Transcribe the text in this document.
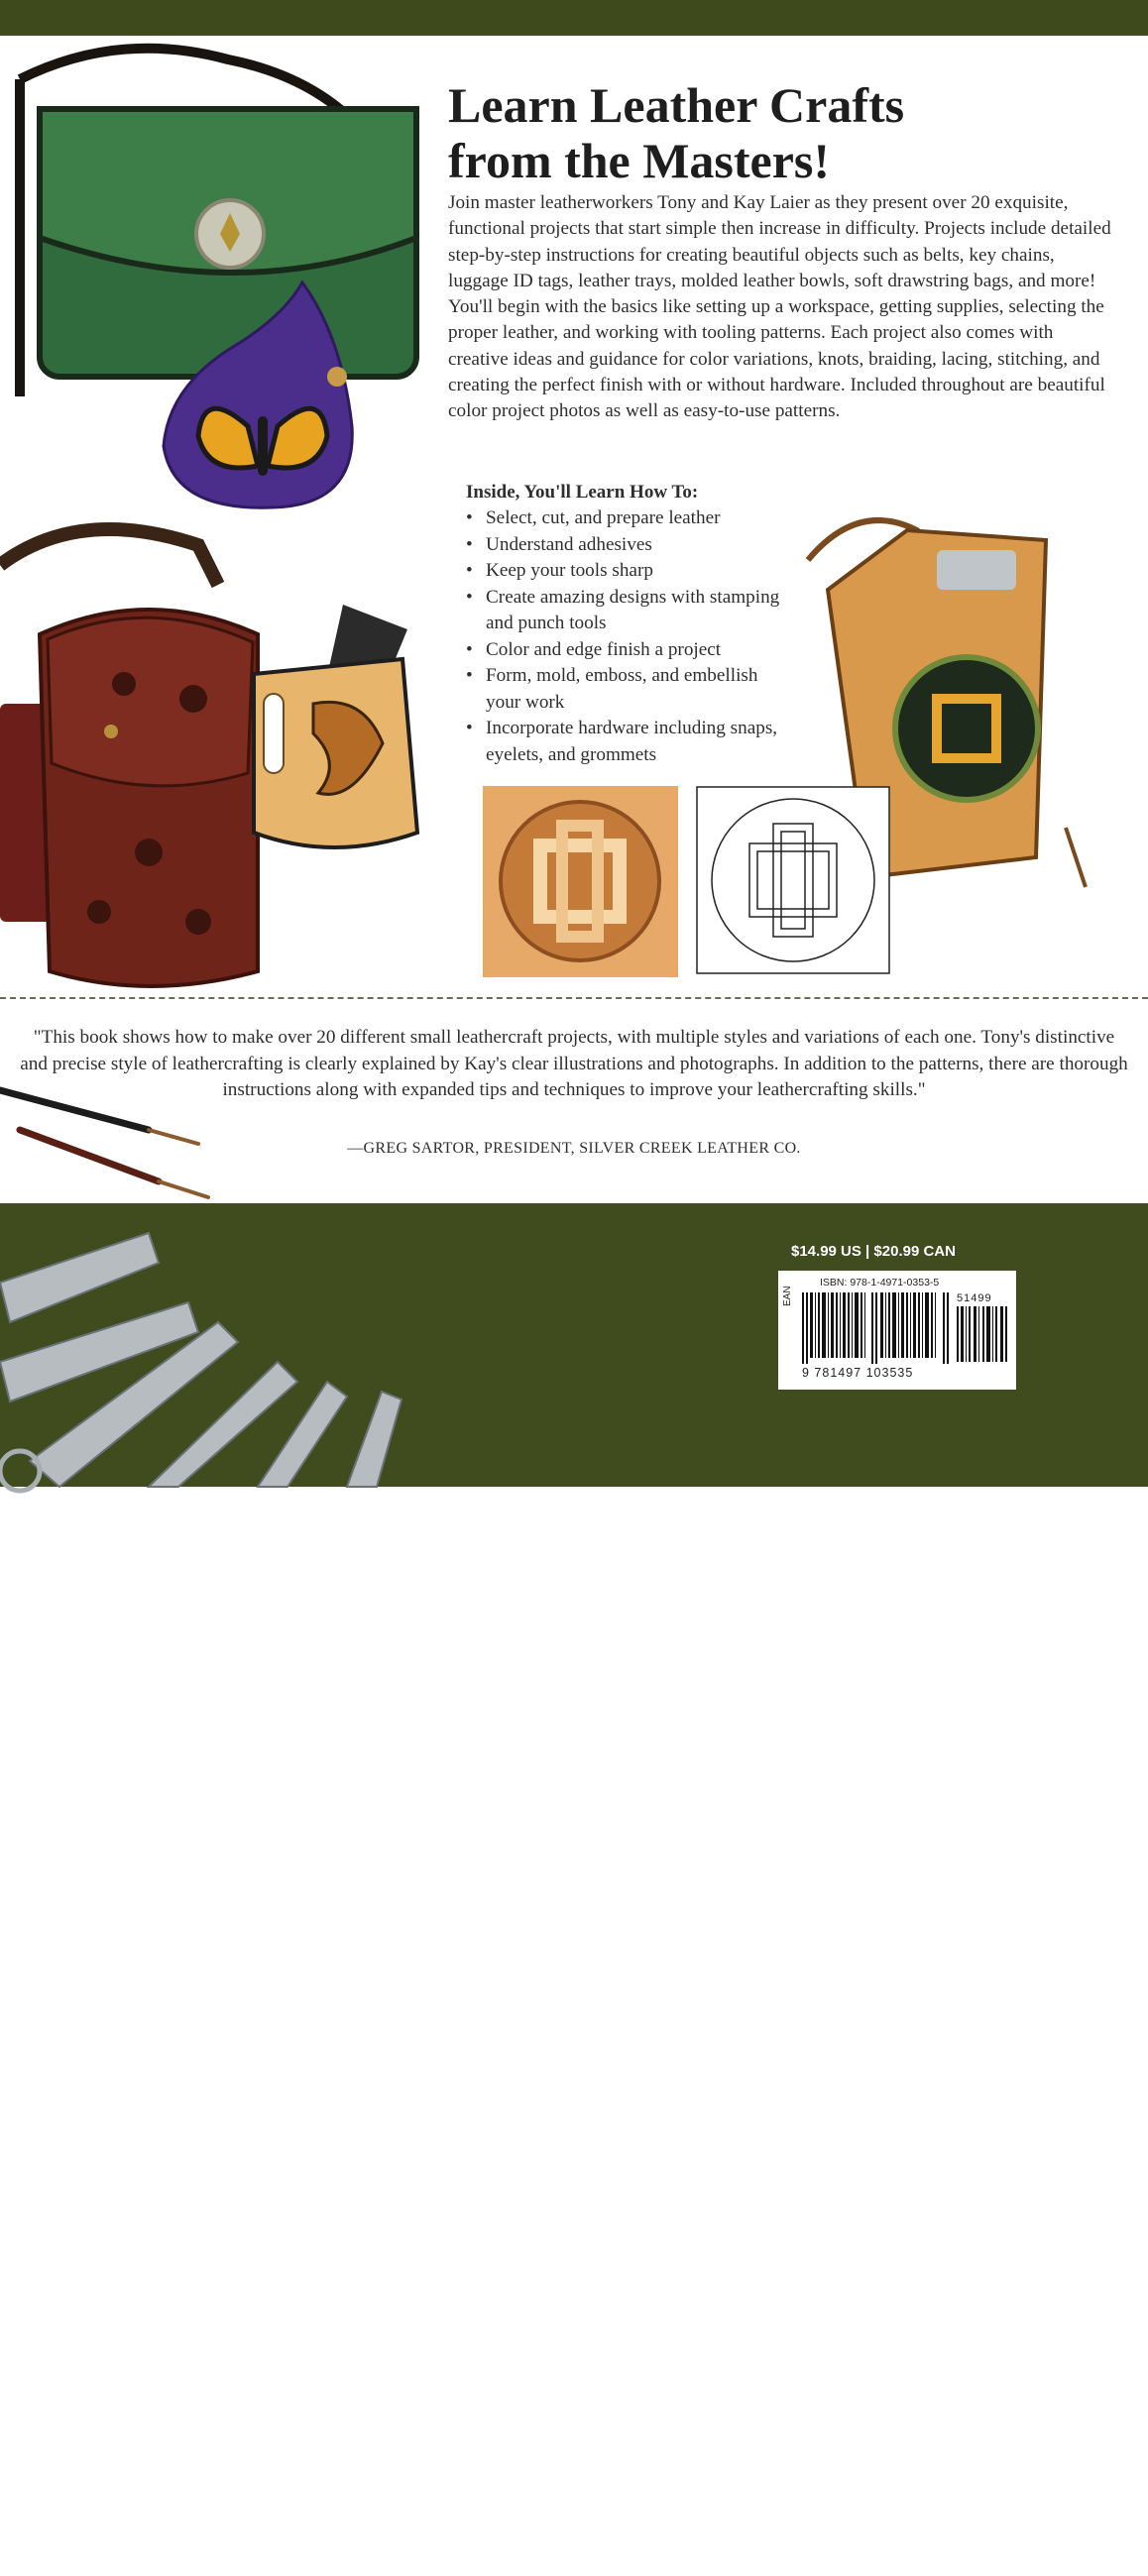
Learn Leather Crafts
from the Masters!

Join master leatherworkers Tony and Kay Laier as they present over 20 exquisite, functional projects that start simple then increase in difficulty. Projects include detailed step-by-step instructions for creating beautiful objects such as belts, key chains, luggage ID tags, leather trays, molded leather bowls, soft drawstring bags, and more! You'll begin with the basics like setting up a workspace, getting supplies, selecting the proper leather, and working with tooling patterns. Each project also comes with creative ideas and guidance for color variations, knots, braiding, lacing, stitching, and creating the perfect finish with or without hardware. Included throughout are beautiful color project photos as well as easy-to-use patterns.

Inside, You'll Learn How To:
• Select, cut, and prepare leather
• Understand adhesives
• Keep your tools sharp
• Create amazing designs with stamping and punch tools
• Color and edge finish a project
• Form, mold, emboss, and embellish your work
• Incorporate hardware including snaps, eyelets, and grommets

"This book shows how to make over 20 different small leathercraft projects, with multiple styles and variations of each one. Tony's distinctive and precise style of leathercrafting is clearly explained by Kay's clear illustrations and photographs. In addition to the patterns, there are thorough instructions along with expanded tips and techniques to improve your leathercrafting skills."

—GREG SARTOR, PRESIDENT, SILVER CREEK LEATHER CO.
FOX CHAPEL
PUBLISHING
www.FoxChapelPublishing.com
$14.99 US | $20.99 CAN
ISBN: 978-1-4971-0353-5
EAN	51499
9 781497 103535
